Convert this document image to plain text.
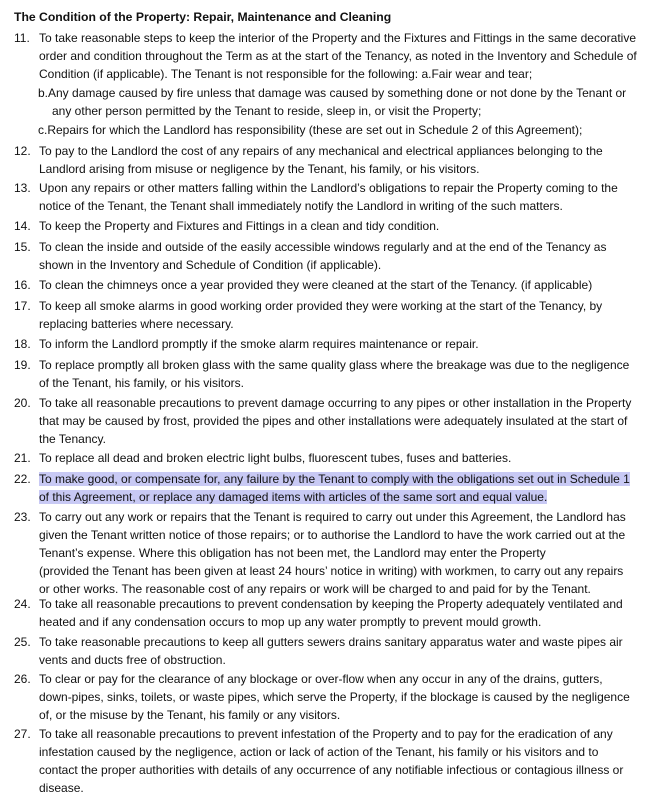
The Condition of the Property: Repair, Maintenance and Cleaning
11. To take reasonable steps to keep the interior of the Property and the Fixtures and Fittings in the same decorative order and condition throughout the Term as at the start of the Tenancy, as noted in the Inventory and Schedule of Condition (if applicable). The Tenant is not responsible for the following: a.Fair wear and tear;
b.Any damage caused by fire unless that damage was caused by something done or not done by the Tenant or
any other person permitted by the Tenant to reside, sleep in, or visit the Property;
c.Repairs for which the Landlord has responsibility (these are set out in Schedule 2 of this Agreement);
12. To pay to the Landlord the cost of any repairs of any mechanical and electrical appliances belonging to the Landlord arising from misuse or negligence by the Tenant, his family, or his visitors.
13. Upon any repairs or other matters falling within the Landlord’s obligations to repair the Property coming to the notice of the Tenant, the Tenant shall immediately notify the Landlord in writing of the such matters.
14. To keep the Property and Fixtures and Fittings in a clean and tidy condition.
15. To clean the inside and outside of the easily accessible windows regularly and at the end of the Tenancy as shown in the Inventory and Schedule of Condition (if applicable).
16. To clean the chimneys once a year provided they were cleaned at the start of the Tenancy. (if applicable)
17. To keep all smoke alarms in good working order provided they were working at the start of the Tenancy, by replacing batteries where necessary.
18. To inform the Landlord promptly if the smoke alarm requires maintenance or repair.
19. To replace promptly all broken glass with the same quality glass where the breakage was due to the negligence of the Tenant, his family, or his visitors.
20. To take all reasonable precautions to prevent damage occurring to any pipes or other installation in the Property that may be caused by frost, provided the pipes and other installations were adequately insulated at the start of the Tenancy.
21. To replace all dead and broken electric light bulbs, fluorescent tubes, fuses and batteries.
22. To make good, or compensate for, any failure by the Tenant to comply with the obligations set out in Schedule 1 of this Agreement, or replace any damaged items with articles of the same sort and equal value.
23. To carry out any work or repairs that the Tenant is required to carry out under this Agreement, the Landlord has given the Tenant written notice of those repairs; or to authorise the Landlord to have the work carried out at the Tenant’s expense. Where this obligation has not been met, the Landlord may enter the Property
(provided the Tenant has been given at least 24 hours’ notice in writing) with workmen, to carry out any repairs or other works. The reasonable cost of any repairs or work will be charged to and paid for by the Tenant.
24. To take all reasonable precautions to prevent condensation by keeping the Property adequately ventilated and heated and if any condensation occurs to mop up any water promptly to prevent mould growth.
25. To take reasonable precautions to keep all gutters sewers drains sanitary apparatus water and waste pipes air vents and ducts free of obstruction.
26. To clear or pay for the clearance of any blockage or over-flow when any occur in any of the drains, gutters, down-pipes, sinks, toilets, or waste pipes, which serve the Property, if the blockage is caused by the negligence of, or the misuse by the Tenant, his family or any visitors.
27. To take all reasonable precautions to prevent infestation of the Property and to pay for the eradication of any infestation caused by the negligence, action or lack of action of the Tenant, his family or his visitors and to contact the proper authorities with details of any occurrence of any notifiable infectious or contagious illness or disease.
